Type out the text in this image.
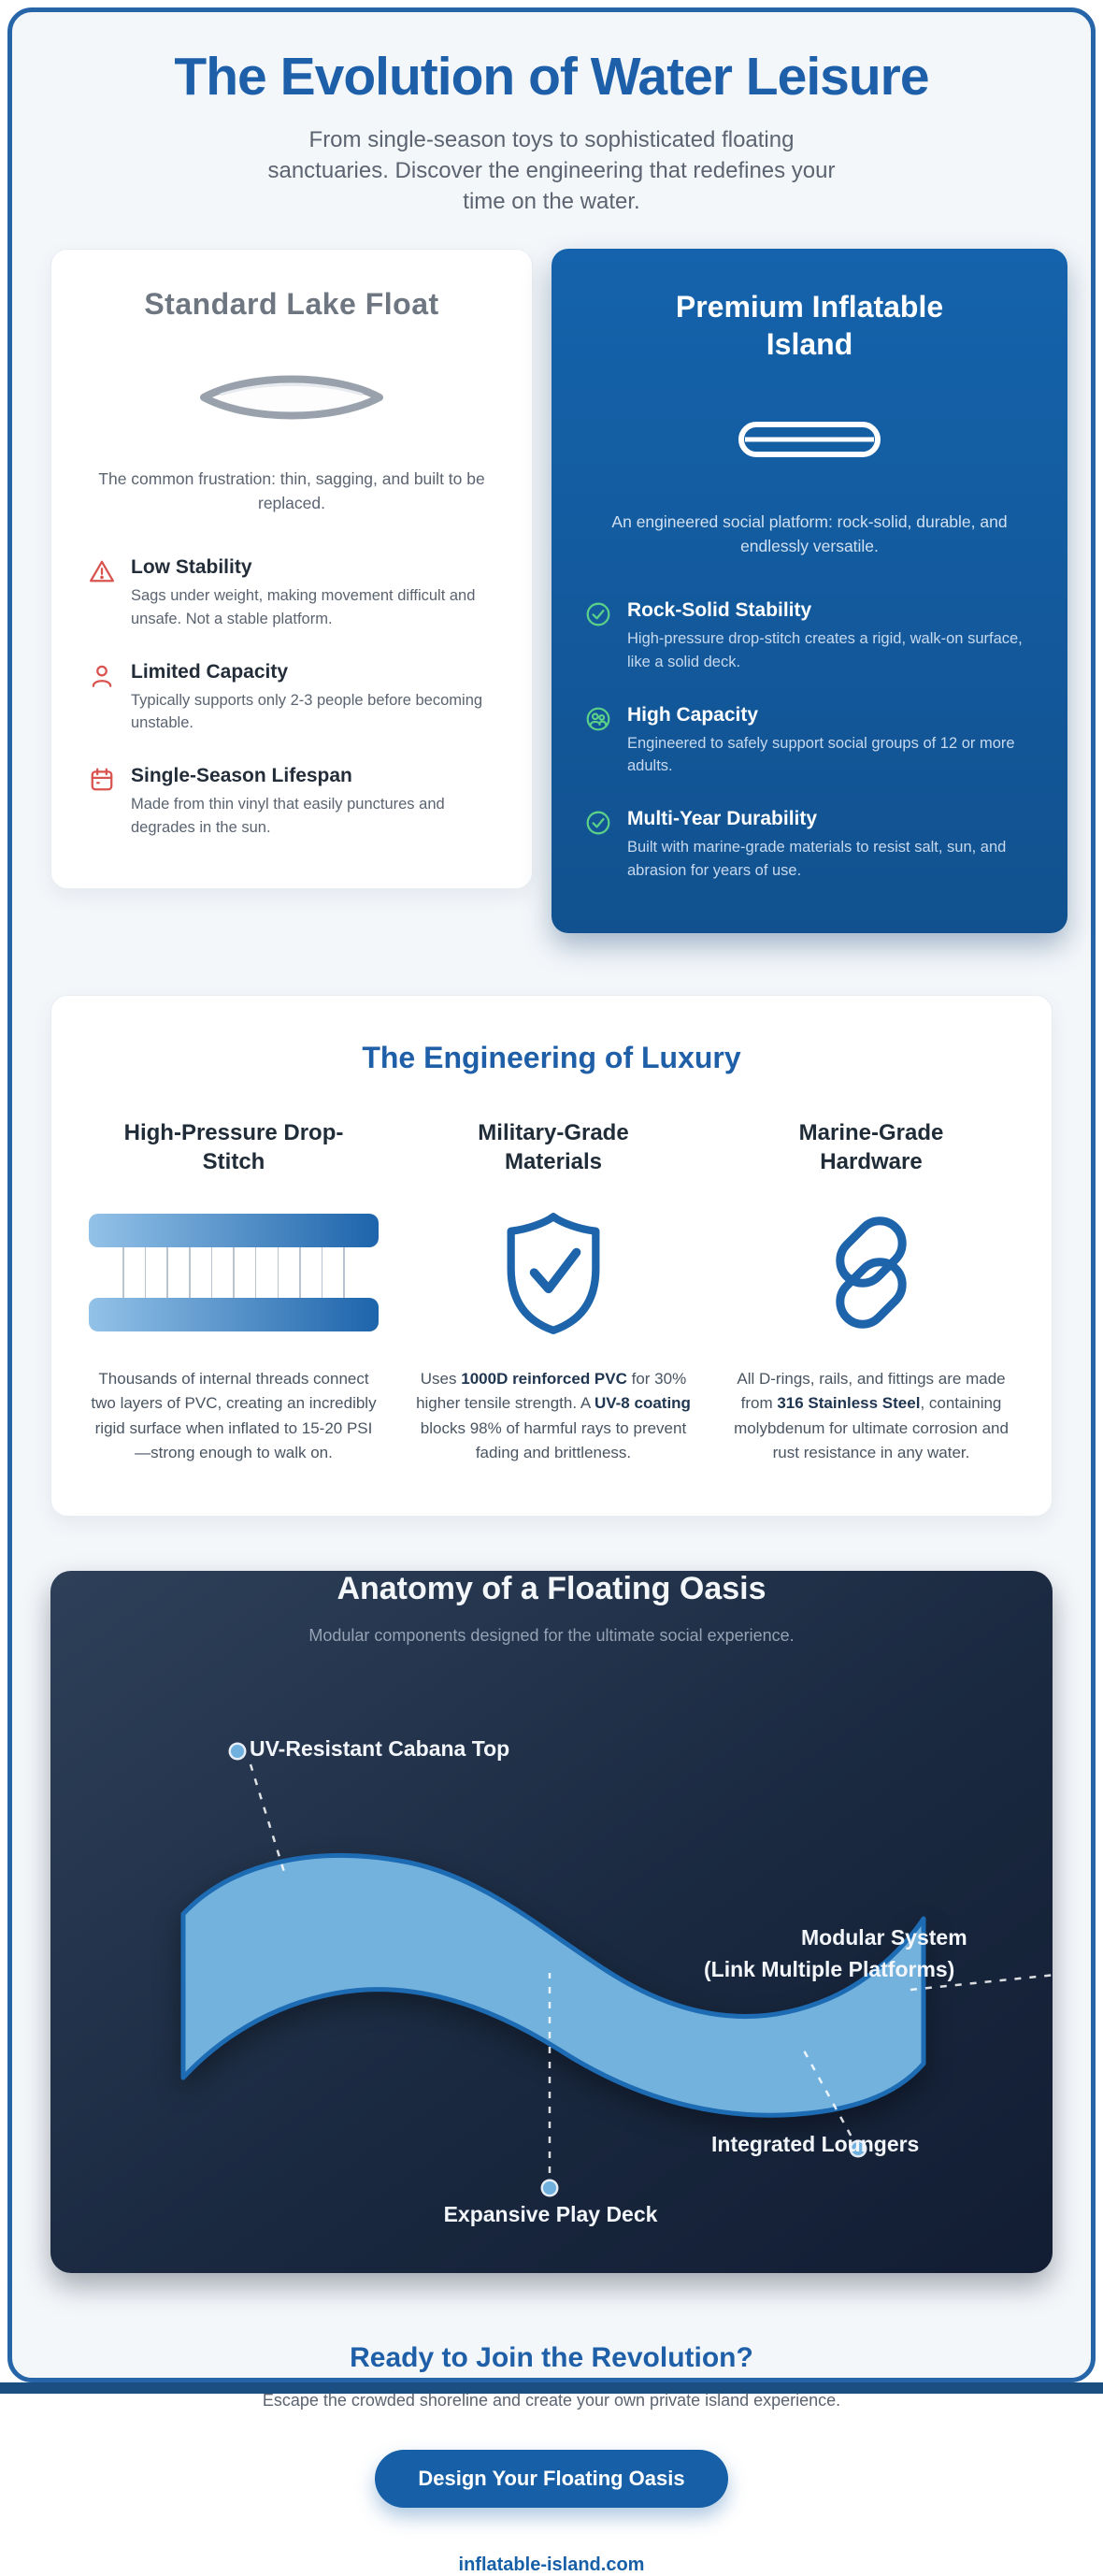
The Evolution of Water Leisure
From single-season toys to sophisticated floating sanctuaries. Discover the engineering that redefines your time on the water.
Standard Lake Float

The common frustration: thin, sagging, and built to be replaced.

Low Stability

Sags under weight, making movement difficult and unsafe. Not a stable platform.

Limited Capacity

Typically supports only 2-3 people before becoming unstable.

Single-Season Lifespan

Made from thin vinyl that easily punctures and degrades in the sun.

Premium Inflatable Island

An engineered social platform: rock-solid, durable, and endlessly versatile.

Rock-Solid Stability

High-pressure drop-stitch creates a rigid, walk-on surface, like a solid deck.

High Capacity

Engineered to safely support social groups of 12 or more adults.

Multi-Year Durability

Built with marine-grade materials to resist salt, sun, and abrasion for years of use.

The Engineering of Luxury
High-Pressure Drop-Stitch

Thousands of internal threads connect two layers of PVC, creating an incredibly rigid surface when inflated to 15-20 PSI—strong enough to walk on.

Military-Grade Materials

Uses 1000D reinforced PVC for 30% higher tensile strength. A UV-8 coating blocks 98% of harmful rays to prevent fading and brittleness.

Marine-Grade Hardware

All D-rings, rails, and fittings are made from 316 Stainless Steel, containing molybdenum for ultimate corrosion and rust resistance in any water.

Anatomy of a Floating Oasis
Modular components designed for the ultimate social experience.
UV-Resistant Cabana Top
Modular System
(Link Multiple Platforms)
Integrated Loungers
Expansive Play Deck
Ready to Join the Revolution?
Escape the crowded shoreline and create your own private island experience.
Design Your Floating Oasis
inflatable-island.com
